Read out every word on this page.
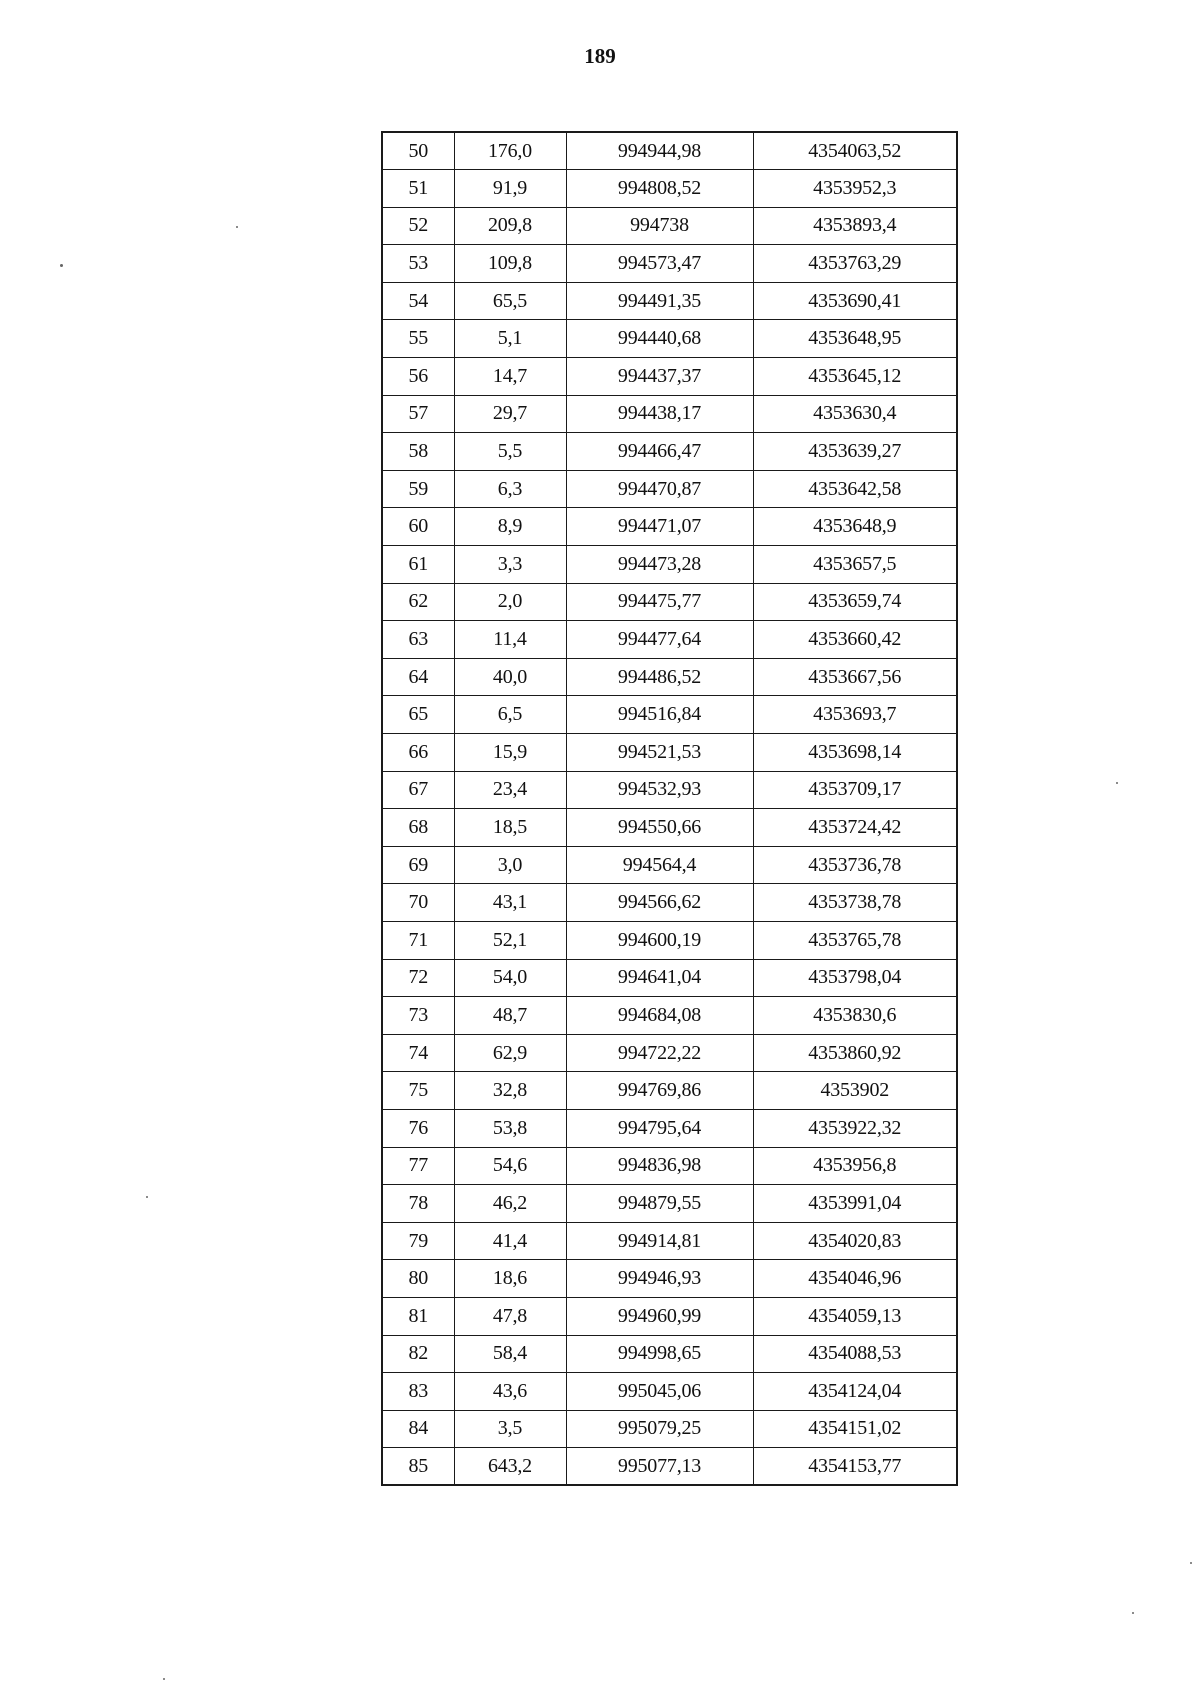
189
50	176,0	994944,98	4354063,52
51	91,9	994808,52	4353952,3
52	209,8	994738	4353893,4
53	109,8	994573,47	4353763,29
54	65,5	994491,35	4353690,41
55	5,1	994440,68	4353648,95
56	14,7	994437,37	4353645,12
57	29,7	994438,17	4353630,4
58	5,5	994466,47	4353639,27
59	6,3	994470,87	4353642,58
60	8,9	994471,07	4353648,9
61	3,3	994473,28	4353657,5
62	2,0	994475,77	4353659,74
63	11,4	994477,64	4353660,42
64	40,0	994486,52	4353667,56
65	6,5	994516,84	4353693,7
66	15,9	994521,53	4353698,14
67	23,4	994532,93	4353709,17
68	18,5	994550,66	4353724,42
69	3,0	994564,4	4353736,78
70	43,1	994566,62	4353738,78
71	52,1	994600,19	4353765,78
72	54,0	994641,04	4353798,04
73	48,7	994684,08	4353830,6
74	62,9	994722,22	4353860,92
75	32,8	994769,86	4353902
76	53,8	994795,64	4353922,32
77	54,6	994836,98	4353956,8
78	46,2	994879,55	4353991,04
79	41,4	994914,81	4354020,83
80	18,6	994946,93	4354046,96
81	47,8	994960,99	4354059,13
82	58,4	994998,65	4354088,53
83	43,6	995045,06	4354124,04
84	3,5	995079,25	4354151,02
85	643,2	995077,13	4354153,77
